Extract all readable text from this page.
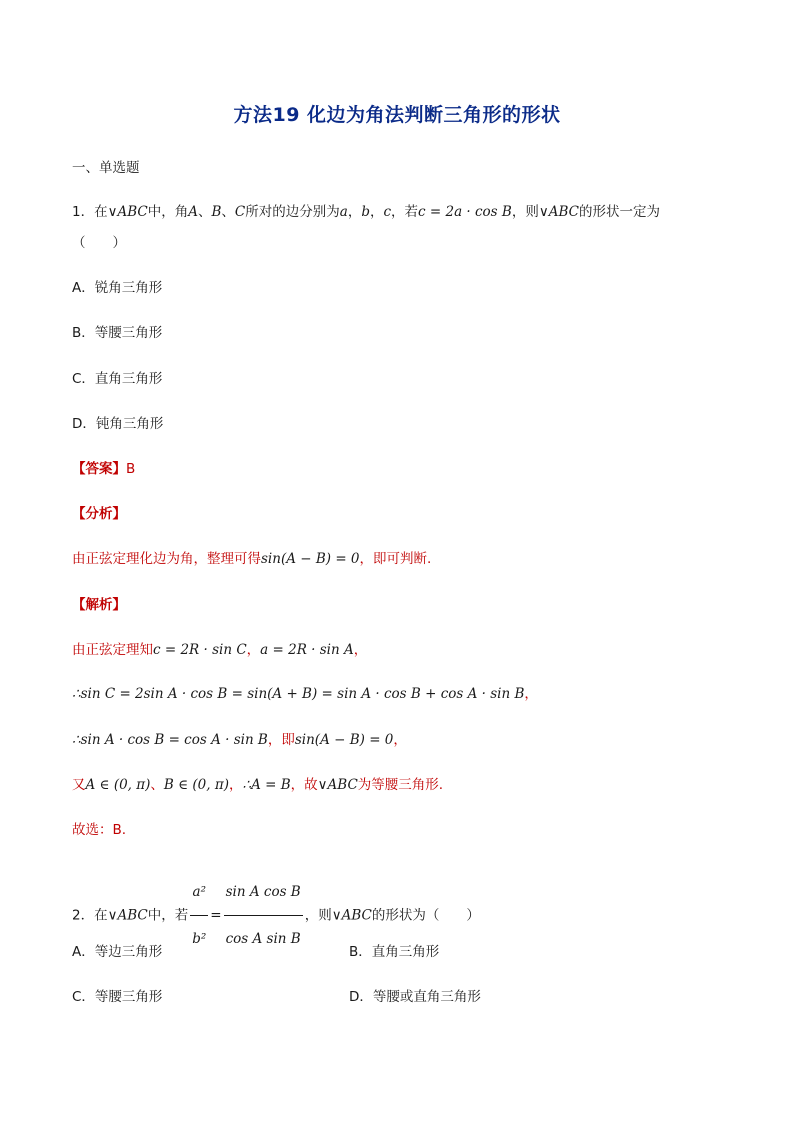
方法19 化边为角法判断三角形的形状
一、单选题
1．在∨ABC中，角A、B、C所对的边分别为a，b，c，若c = 2a · cos B，则∨ABC的形状一定为
（　　）
A．锐角三角形
B．等腰三角形
C．直角三角形
D．钝角三角形
【答案】B
【分析】
由正弦定理化边为角，整理可得sin(A − B) = 0，即可判断.
【解析】
由正弦定理知c = 2R · sin C，a = 2R · sin A，
∴sin C = 2sin A · cos B = sin(A + B) = sin A · cos B + cos A · sin B，
∴sin A · cos B = cos A · sin B，即sin(A − B) = 0，
又A ∈ (0, π)、B ∈ (0, π)，∴A = B，故∨ABC为等腰三角形.
故选：B.
2．在∨ABC中，若 $\frac{\text{a²}}{\text{b²}} = \frac{\text{sin A cos B}}{\text{cos A sin B}}$ ，则∨ABC的形状为（　　）
A．等边三角形	B．直角三角形
C．等腰三角形	D．等腰或直角三角形
